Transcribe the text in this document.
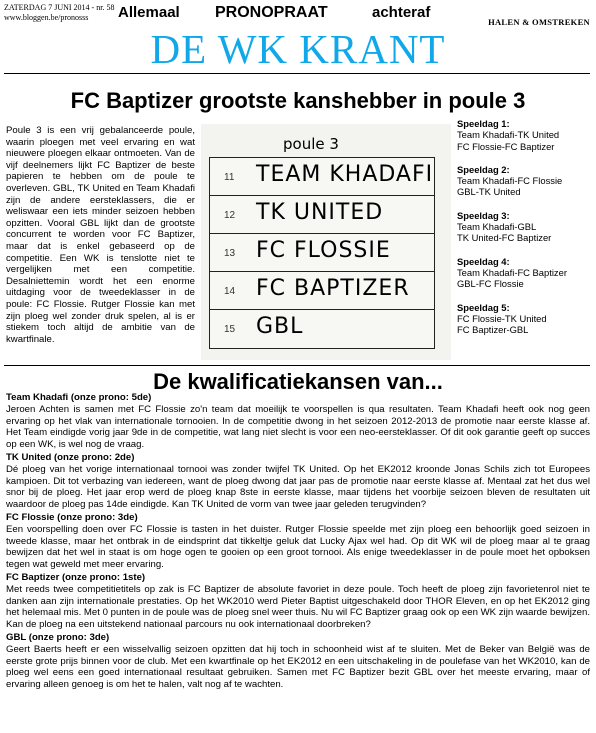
ZATERDAG 7 JUNI 2014 - nr. 58
www.bloggen.be/pronosss	Allemaal PRONOPRAAT	achteraf
HALEN & OMSTREKEN
DE WK KRANT
FC Baptizer grootste kanshebber in poule 3
Poule 3 is een vrij gebalanceerde poule, waarin ploegen met veel ervaring en wat nieuwere ploegen elkaar ontmoeten. Van de vijf deelnemers lijkt FC Baptizer de beste papieren te hebben om de poule te overleven. GBL, TK United en Team Khadafi zijn de andere eersteklassers, die er weliswaar een iets minder seizoen hebben opzitten. Vooral GBL lijkt dan de grootste concurrent te worden voor FC Baptizer, maar dat is enkel gebaseerd op de competitie. Een WK is tenslotte niet te vergelijken met een competitie. Desalniettemin wordt het een enorme uitdaging voor de tweedeklasser in de poule: FC Flossie. Rutger Flossie kan met zijn ploeg wel zonder druk spelen, al is er stiekem toch altijd de ambitie van de kwartfinale.
poule 3
11 TEAM KHADAFI
12 TK UNITED
13 FC FLOSSIE
14 FC BAPTIZER
15 GBL
Speeldag 1:
Team Khadafi-TK United
FC Flossie-FC Baptizer
Speeldag 2:
Team Khadafi-FC Flossie
GBL-TK United
Speeldag 3:
Team Khadafi-GBL
TK United-FC Baptizer
Speeldag 4:
Team Khadafi-FC Baptizer
GBL-FC Flossie
Speeldag 5:
FC Flossie-TK United
FC Baptizer-GBL
De kwalificatiekansen van...
Team Khadafi (onze prono: 5de)
Jeroen Achten is samen met FC Flossie zo'n team dat moeilijk te voorspellen is qua resultaten. Team Khadafi heeft ook nog geen ervaring op het vlak van internationale tornooien. In de competitie dwong in het seizoen 2012-2013 de promotie naar eerste klasse af. Het Team eindigde vorig jaar 9de in de competitie, wat lang niet slecht is voor een neo-eersteklasser. Of dit ook garantie geeft op succes op een WK, is wel nog de vraag.
TK United (onze prono: 2de)
Dé ploeg van het vorige internationaal tornooi was zonder twijfel TK United. Op het EK2012 kroonde Jonas Schils zich tot Europees kampioen. Dit tot verbazing van iedereen, want de ploeg dwong dat jaar pas de promotie naar eerste klasse af. Mentaal zat het dus wel snor bij de ploeg. Het jaar erop werd de ploeg knap 8ste in eerste klasse, maar tijdens het voorbije seizoen bleven de resultaten uit waardoor de ploeg pas 14de eindigde. Kan TK United de vorm van twee jaar geleden terugvinden?
FC Flossie (onze prono: 3de)
Een voorspelling doen over FC Flossie is tasten in het duister. Rutger Flossie speelde met zijn ploeg een behoorlijk goed seizoen in tweede klasse, maar het ontbrak in de eindsprint dat tikkeltje geluk dat Lucky Ajax wel had. Op dit WK wil de ploeg maar al te graag bewijzen dat het wel in staat is om hoge ogen te gooien op een groot tornooi. Als enige tweedeklasser in de poule moet het opboksen tegen wat geweld met meer ervaring.
FC Baptizer (onze prono: 1ste)
Met reeds twee competitietitels op zak is FC Baptizer de absolute favoriet in deze poule. Toch heeft de ploeg zijn favorietenrol niet te danken aan zijn internationale prestaties. Op het WK2010 werd Pieter Baptist uitgeschakeld door THOR Eleven, en op het EK2012 ging het helemaal mis. Met 0 punten in de poule was de ploeg snel weer thuis. Nu wil FC Baptizer graag ook op een WK zijn waarde bewijzen. Kan de ploeg na een uitstekend nationaal parcours nu ook internationaal doorbreken?
GBL (onze prono: 3de)
Geert Baerts heeft er een wisselvallig seizoen opzitten dat hij toch in schoonheid wist af te sluiten. Met de Beker van België was de eerste grote prijs binnen voor de club. Met een kwartfinale op het EK2012 en een uitschakeling in de poulefase van het WK2010, kan de ploeg wel eens een goed internationaal resultaat gebruiken. Samen met FC Baptizer bezit GBL over het meeste ervaring, maar of ervaring alleen genoeg is om het te halen, valt nog af te wachten.
